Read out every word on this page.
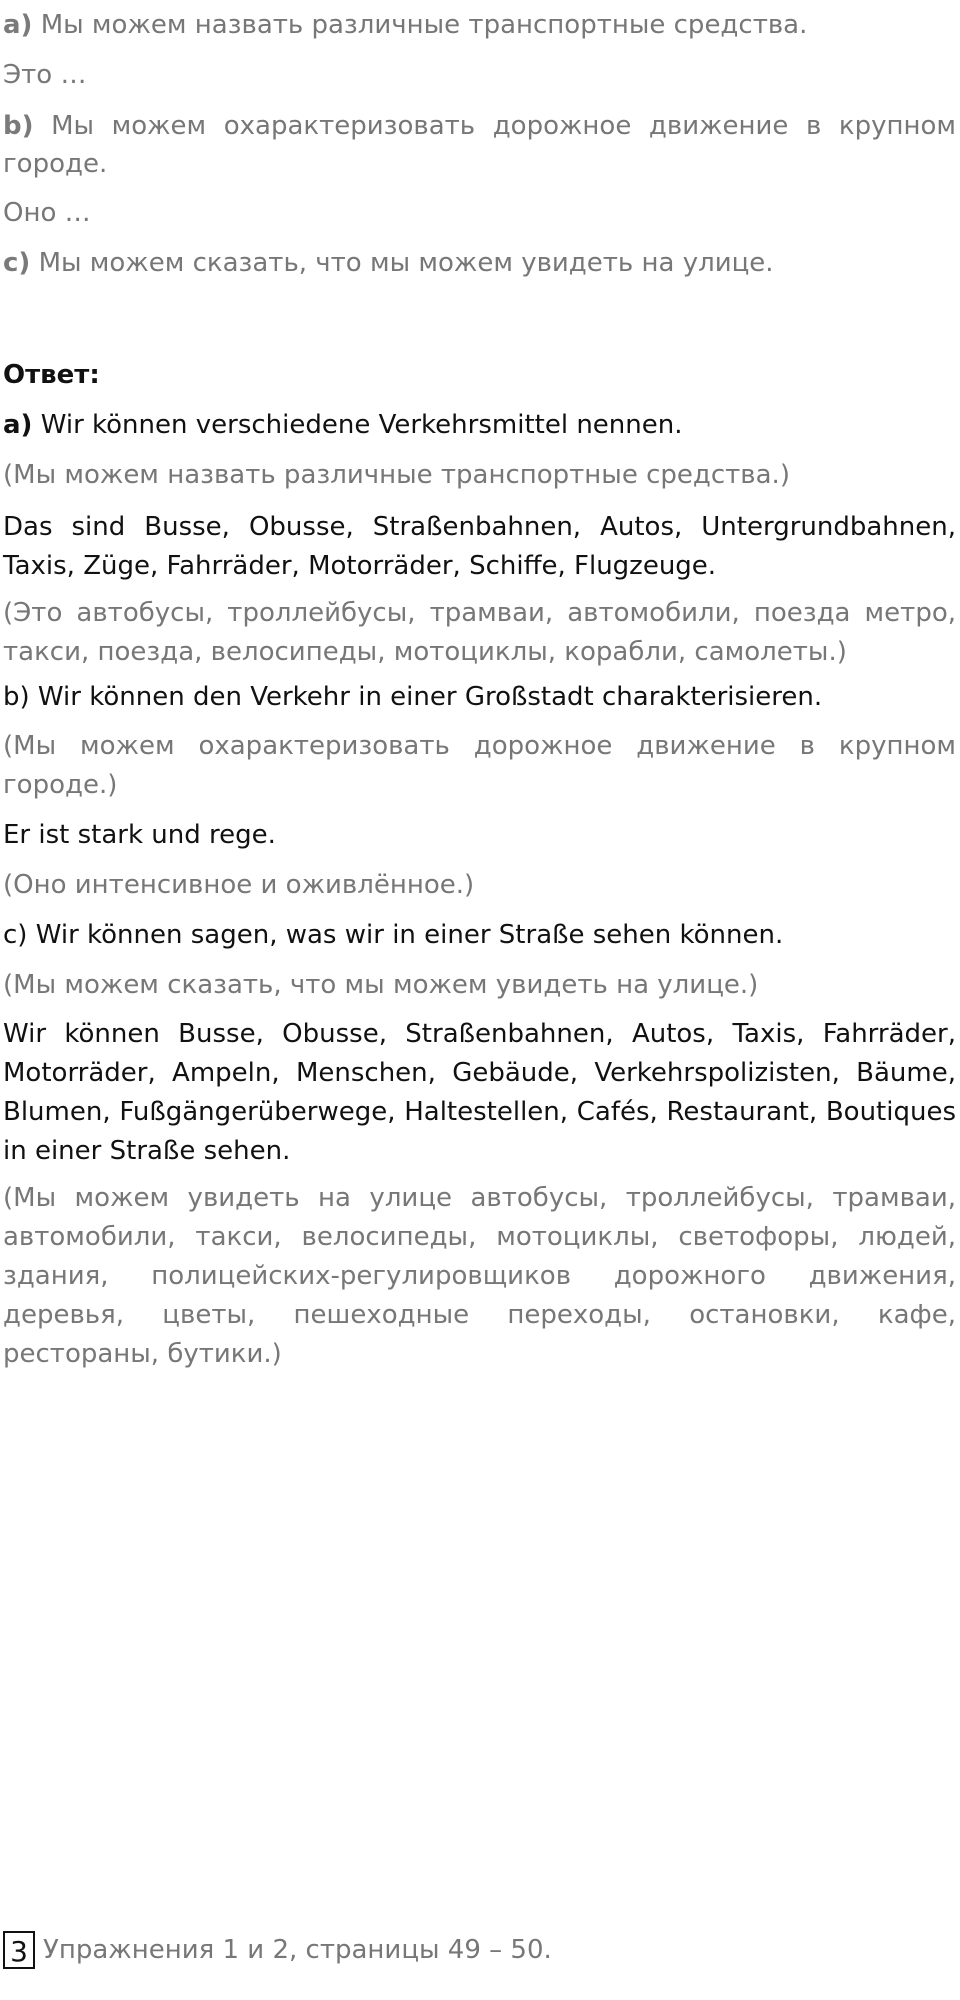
a) Мы можем назвать различные транспортные средства.

Это …

b) Мы можем охарактеризовать дорожное движение в крупном городе.

Оно …

c) Мы можем сказать, что мы можем увидеть на улице.

Ответ:

a) Wir können verschiedene Verkehrsmittel nennen.

(Мы можем назвать различные транспортные средства.)

Das sind Busse, Obusse, Straßenbahnen, Autos, Untergrundbahnen, Taxis, Züge, Fahrräder, Motorräder, Schiffe, Flugzeuge.

(Это автобусы, троллейбусы, трамваи, автомобили, поезда метро, такси, поезда, велосипеды, мотоциклы, корабли, самолеты.)

b) Wir können den Verkehr in einer Großstadt charakterisieren.

(Мы можем охарактеризовать дорожное движение в крупном городе.)

Er ist stark und rege.

(Оно интенсивное и оживлённое.)

c) Wir können sagen, was wir in einer Straße sehen können.

(Мы можем сказать, что мы можем увидеть на улице.)

Wir können Busse, Obusse, Straßenbahnen, Autos, Taxis, Fahrräder, Motorräder, Ampeln, Menschen, Gebäude, Verkehrspolizisten, Bäume, Blumen, Fußgängerüberwege, Haltestellen, Cafés, Restaurant, Boutiques in einer Straße sehen.

(Мы можем увидеть на улице автобусы, троллейбусы, трамваи, автомобили, такси, велосипеды, мотоциклы, светофоры, людей, здания, полицейских-регулировщиков дорожного движения, деревья, цветы, пешеходные переходы, остановки, кафе, рестораны, бутики.)

3 Упражнения 1 и 2, страницы 49 – 50.
